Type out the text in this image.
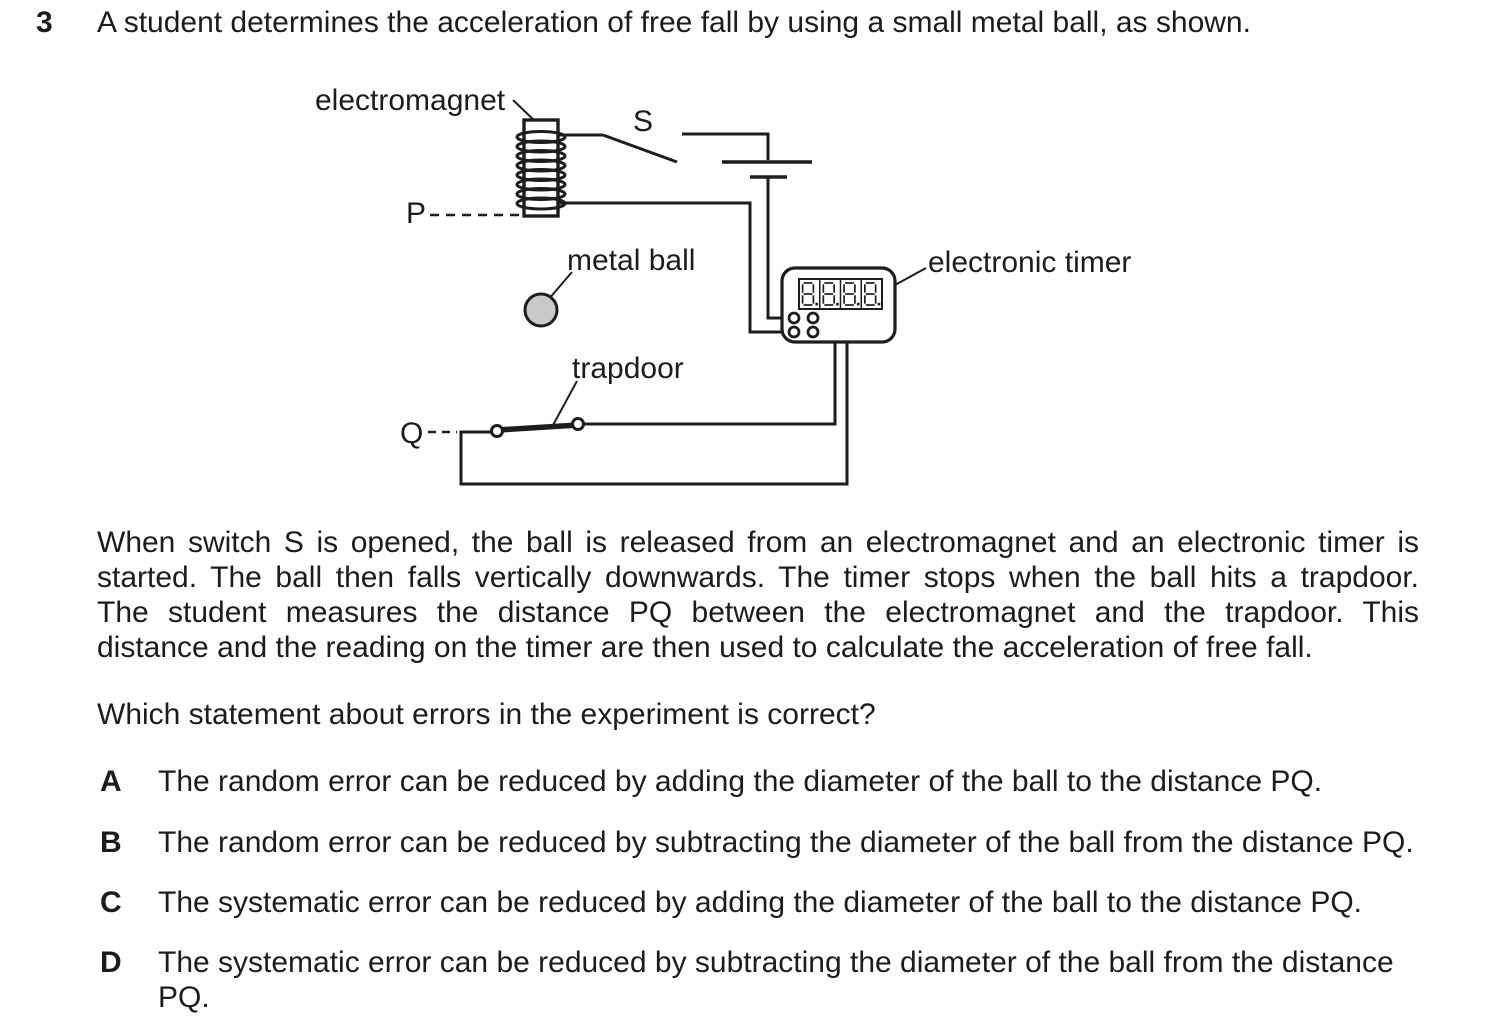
3 A student determines the acceleration of free fall by using a small metal ball, as shown.
electromagnet
S
P
metal ball	electronic timer
trapdoor
Q
When switch S is opened, the ball is released from an electromagnet and an electronic timer is
started. The ball then falls vertically downwards. The timer stops when the ball hits a trapdoor.
The student measures the distance PQ between the electromagnet and the trapdoor. This
distance and the reading on the timer are then used to calculate the acceleration of free fall.
Which statement about errors in the experiment is correct?
A The random error can be reduced by adding the diameter of the ball to the distance PQ.
B The random error can be reduced by subtracting the diameter of the ball from the distance PQ.
C The systematic error can be reduced by adding the diameter of the ball to the distance PQ.
D The systematic error can be reduced by subtracting the diameter of the ball from the distance PQ.
